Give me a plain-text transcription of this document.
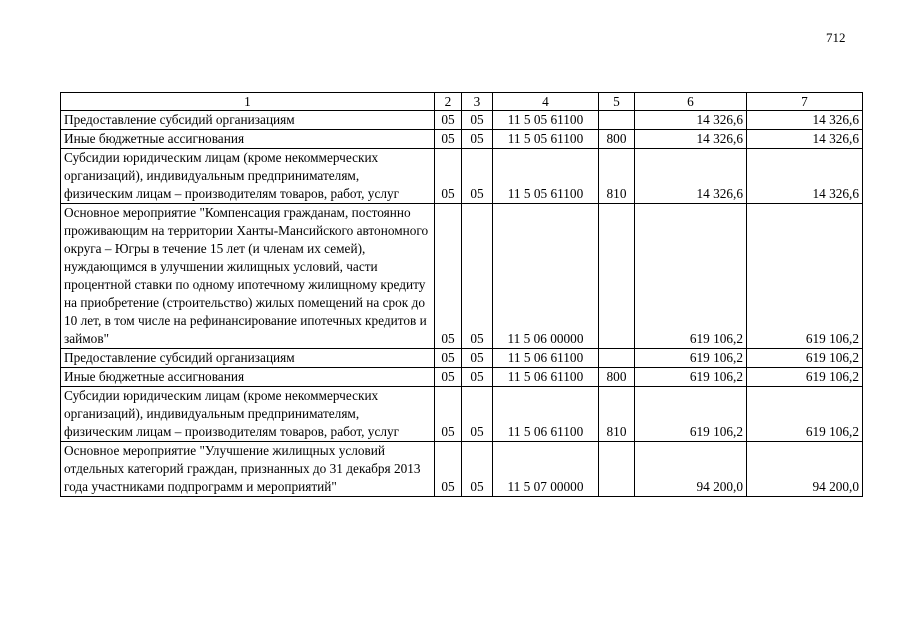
712
1	2	3	4	5	6	7
Предоставление субсидий организациям	05	05	11 5 05 61100		14 326,6	14 326,6
Иные бюджетные ассигнования	05	05	11 5 05 61100	800	14 326,6	14 326,6
Субсидии юридическим лицам (кроме некоммерческих организаций), индивидуальным предпринимателям, физическим лицам – производителям товаров, работ, услуг	05	05	11 5 05 61100	810	14 326,6	14 326,6
Основное мероприятие "Компенсация гражданам, постоянно проживающим на территории Ханты-Мансийского автономного округа – Югры в течение 15 лет (и членам их семей), нуждающимся в улучшении жилищных условий, части процентной ставки по одному ипотечному жилищному кредиту на приобретение (строительство) жилых помещений на срок до 10 лет, в том числе на рефинансирование ипотечных кредитов и займов"	05	05	11 5 06 00000		619 106,2	619 106,2
Предоставление субсидий организациям	05	05	11 5 06 61100		619 106,2	619 106,2
Иные бюджетные ассигнования	05	05	11 5 06 61100	800	619 106,2	619 106,2
Субсидии юридическим лицам (кроме некоммерческих организаций), индивидуальным предпринимателям, физическим лицам – производителям товаров, работ, услуг	05	05	11 5 06 61100	810	619 106,2	619 106,2
Основное мероприятие "Улучшение жилищных условий отдельных категорий граждан, признанных до 31 декабря 2013 года участниками подпрограмм и мероприятий"	05	05	11 5 07 00000		94 200,0	94 200,0
